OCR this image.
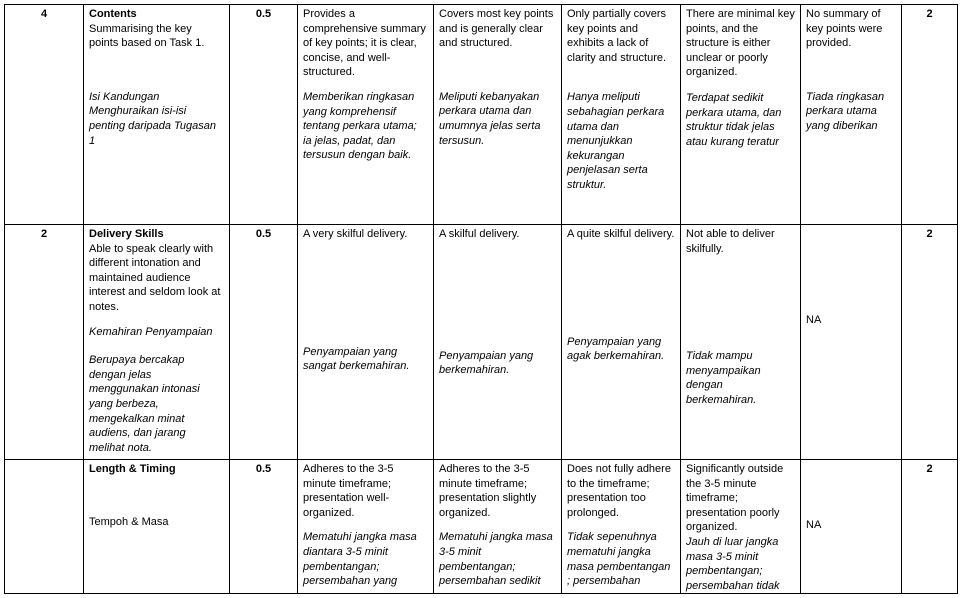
4	Contents
Summarising the key points based on Task 1.
Isi Kandungan Menghuraikan isi-isi penting daripada Tugasan 1	0.5	Provides a comprehensive summary of key points; it is clear, concise, and well-structured.
Memberikan ringkasan yang komprehensif tentang perkara utama; ia jelas, padat, dan tersusun dengan baik.	Covers most key points and is generally clear and structured.
Meliputi kebanyakan perkara utama dan umumnya jelas serta tersusun.	Only partially covers key points and exhibits a lack of clarity and structure.
Hanya meliputi sebahagian perkara utama dan menunjukkan kekurangan penjelasan serta struktur.	There are minimal key points, and the structure is either unclear or poorly organized.
Terdapat sedikit perkara utama, dan struktur tidak jelas atau kurang teratur	No summary of key points were provided.
Tiada ringkasan perkara utama yang diberikan	2
2	Delivery Skills
Able to speak clearly with different intonation and maintained audience interest and seldom look at notes.
Kemahiran Penyampaian
Berupaya bercakap dengan jelas menggunakan intonasi yang berbeza, mengekalkan minat audiens, dan jarang melihat nota.	0.5	A very skilful delivery.
Penyampaian yang sangat berkemahiran.	A skilful delivery.
Penyampaian yang berkemahiran.	A quite skilful delivery.
Penyampaian yang agak berkemahiran.	Not able to deliver skilfully.
Tidak mampu menyampaikan dengan berkemahiran.	NA	2

	Length & Timing
Tempoh & Masa	0.5	Adheres to the 3-5 minute timeframe; presentation well-organized.
Mematuhi jangka masa diantara 3-5 minit pembentangan; persembahan yang	Adheres to the 3-5 minute timeframe; presentation slightly organized.
Mematuhi jangka masa 3-5 minit pembentangan; persembahan sedikit	Does not fully adhere to the timeframe; presentation too prolonged.
Tidak sepenuhnya mematuhi jangka masa pembentangan ; persembahan	Significantly outside the 3-5 minute timeframe; presentation poorly organized.
Jauh di luar jangka masa 3-5 minit pembentangan; persembahan tidak	NA	2
